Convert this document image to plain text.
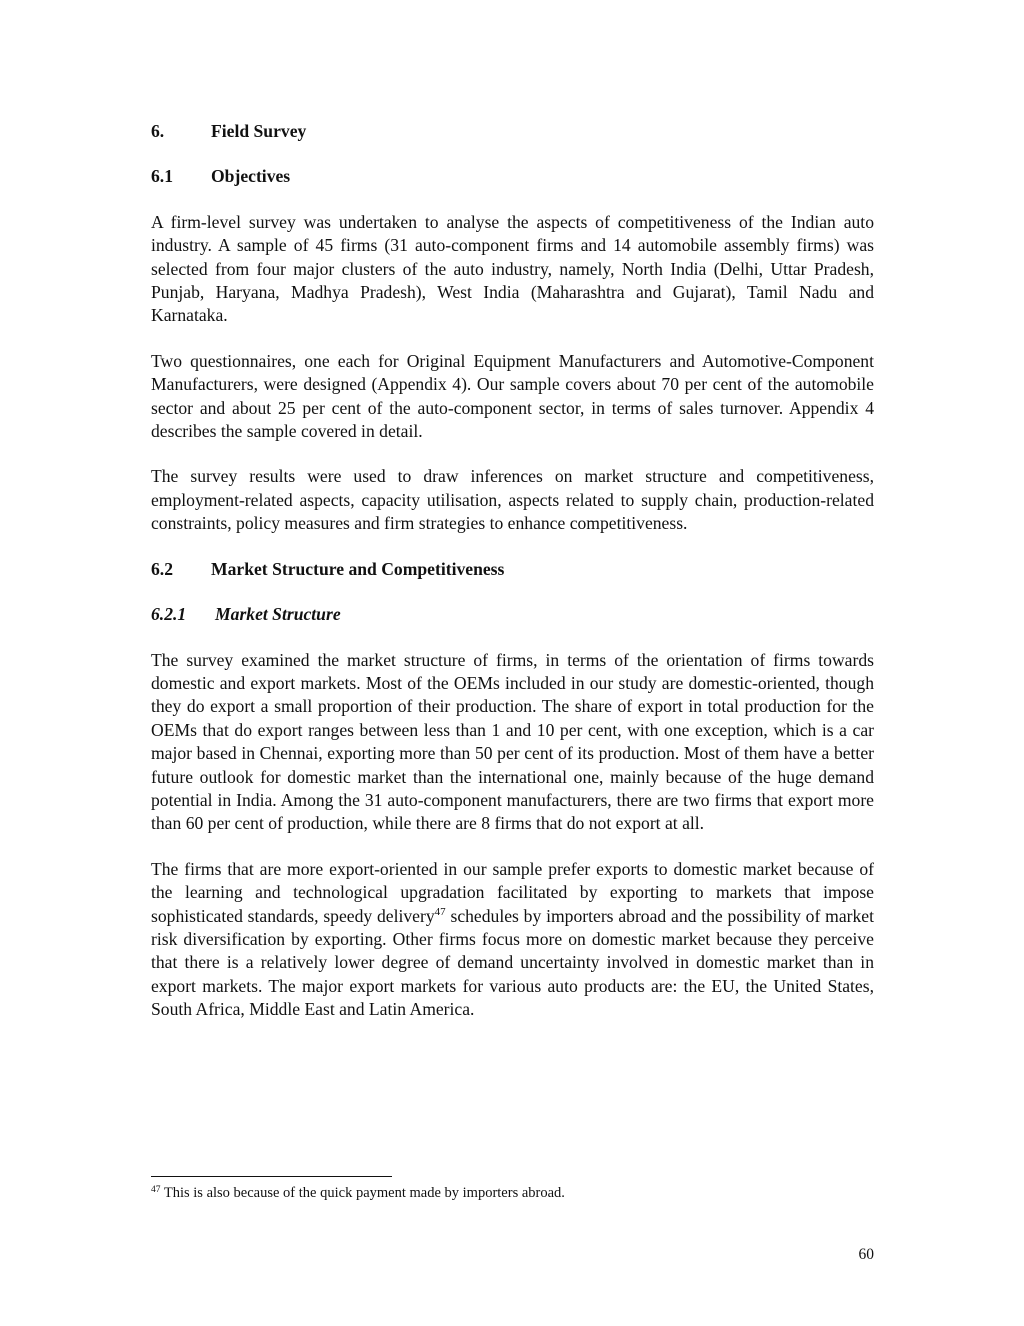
6.	Field Survey
6.1	Objectives

A firm-level survey was undertaken to analyse the aspects of competitiveness of the Indian auto industry. A sample of 45 firms (31 auto-component firms and 14 automobile assembly firms) was selected from four major clusters of the auto industry, namely, North India (Delhi, Uttar Pradesh, Punjab, Haryana, Madhya Pradesh), West India (Maharashtra and Gujarat), Tamil Nadu and Karnataka.

Two questionnaires, one each for Original Equipment Manufacturers and Automotive-Component Manufacturers, were designed (Appendix 4). Our sample covers about 70 per cent of the automobile sector and about 25 per cent of the auto-component sector, in terms of sales turnover. Appendix 4 describes the sample covered in detail.

The survey results were used to draw inferences on market structure and competitiveness, employment-related aspects, capacity utilisation, aspects related to supply chain, production-related constraints, policy measures and firm strategies to enhance competitiveness.

6.2	Market Structure and Competitiveness
6.2.1	Market Structure

The survey examined the market structure of firms, in terms of the orientation of firms towards domestic and export markets. Most of the OEMs included in our study are domestic-oriented, though they do export a small proportion of their production. The share of export in total production for the OEMs that do export ranges between less than 1 and 10 per cent, with one exception, which is a car major based in Chennai, exporting more than 50 per cent of its production. Most of them have a better future outlook for domestic market than the international one, mainly because of the huge demand potential in India. Among the 31 auto-component manufacturers, there are two firms that export more than 60 per cent of production, while there are 8 firms that do not export at all.

The firms that are more export-oriented in our sample prefer exports to domestic market because of the learning and technological upgradation facilitated by exporting to markets that impose sophisticated standards, speedy delivery$^{47}$ schedules by importers abroad and the possibility of market risk diversification by exporting. Other firms focus more on domestic market because they perceive that there is a relatively lower degree of demand uncertainty involved in domestic market than in export markets. The major export markets for various auto products are: the EU, the United States, South Africa, Middle East and Latin America.

$^{47}$ This is also because of the quick payment made by importers abroad.
60
